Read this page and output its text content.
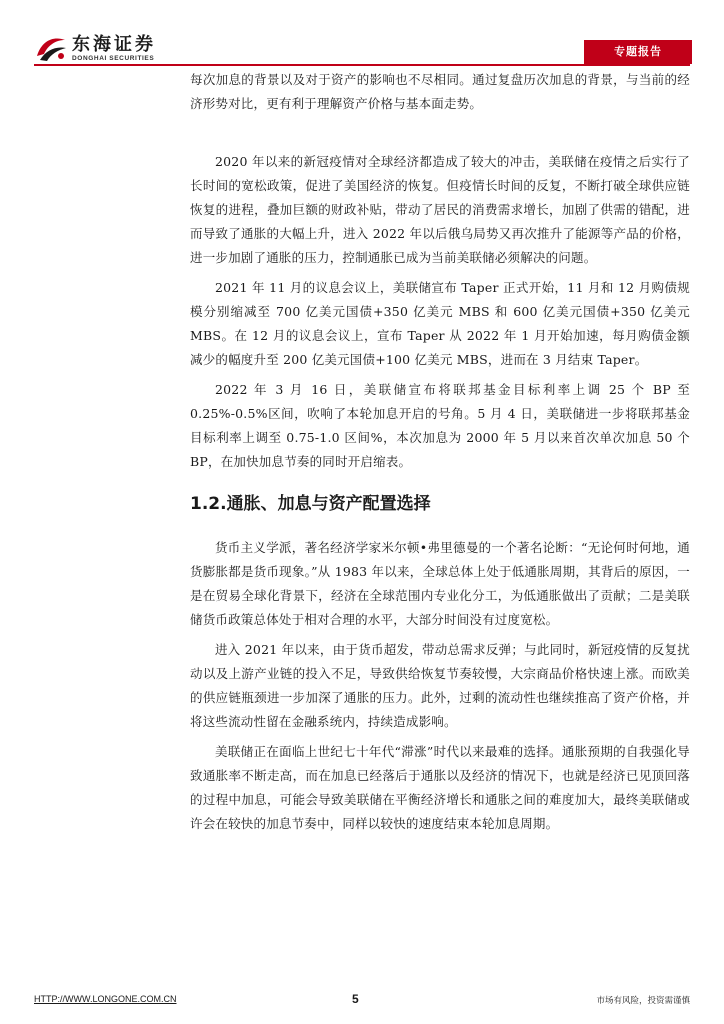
东海证券
DONGHAI SECURITIES
专题报告

每次加息的背景以及对于资产的影响也不尽相同。通过复盘历次加息的背景，与当前的经济形势对比，更有利于理解资产价格与基本面走势。

2020 年以来的新冠疫情对全球经济都造成了较大的冲击，美联储在疫情之后实行了长时间的宽松政策，促进了美国经济的恢复。但疫情长时间的反复，不断打破全球供应链恢复的进程，叠加巨额的财政补贴，带动了居民的消费需求增长，加剧了供需的错配，进而导致了通胀的大幅上升，进入 2022 年以后俄乌局势又再次推升了能源等产品的价格，进一步加剧了通胀的压力，控制通胀已成为当前美联储必须解决的问题。

2021 年 11 月的议息会议上，美联储宣布 Taper 正式开始，11 月和 12 月购债规模分别缩减至 700 亿美元国债+350 亿美元 MBS 和 600 亿美元国债+350 亿美元 MBS。在 12 月的议息会议上，宣布 Taper 从 2022 年 1 月开始加速，每月购债金额减少的幅度升至 200 亿美元国债+100 亿美元 MBS，进而在 3 月结束 Taper。

2022 年 3 月 16 日，美联储宣布将联邦基金目标利率上调 25 个 BP 至 0.25%-0.5%区间，吹响了本轮加息开启的号角。5 月 4 日，美联储进一步将联邦基金目标利率上调至 0.75-1.0 区间%，本次加息为 2000 年 5 月以来首次单次加息 50 个 BP，在加快加息节奏的同时开启缩表。

1.2.通胀、加息与资产配置选择

货币主义学派，著名经济学家米尔顿•弗里德曼的一个著名论断：“无论何时何地，通货膨胀都是货币现象。”从 1983 年以来，全球总体上处于低通胀周期，其背后的原因，一是在贸易全球化背景下，经济在全球范围内专业化分工，为低通胀做出了贡献；二是美联储货币政策总体处于相对合理的水平，大部分时间没有过度宽松。

进入 2021 年以来，由于货币超发，带动总需求反弹；与此同时，新冠疫情的反复扰动以及上游产业链的投入不足，导致供给恢复节奏较慢，大宗商品价格快速上涨。而欧美的供应链瓶颈进一步加深了通胀的压力。此外，过剩的流动性也继续推高了资产价格，并将这些流动性留在金融系统内，持续造成影响。

美联储正在面临上世纪七十年代“滞涨”时代以来最难的选择。通胀预期的自我强化导致通胀率不断走高，而在加息已经落后于通胀以及经济的情况下，也就是经济已见顶回落的过程中加息，可能会导致美联储在平衡经济增长和通胀之间的难度加大，最终美联储或许会在较快的加息节奏中，同样以较快的速度结束本轮加息周期。

HTTP://WWW.LONGONE.COM.CN	5	市场有风险，投资需谨慎
